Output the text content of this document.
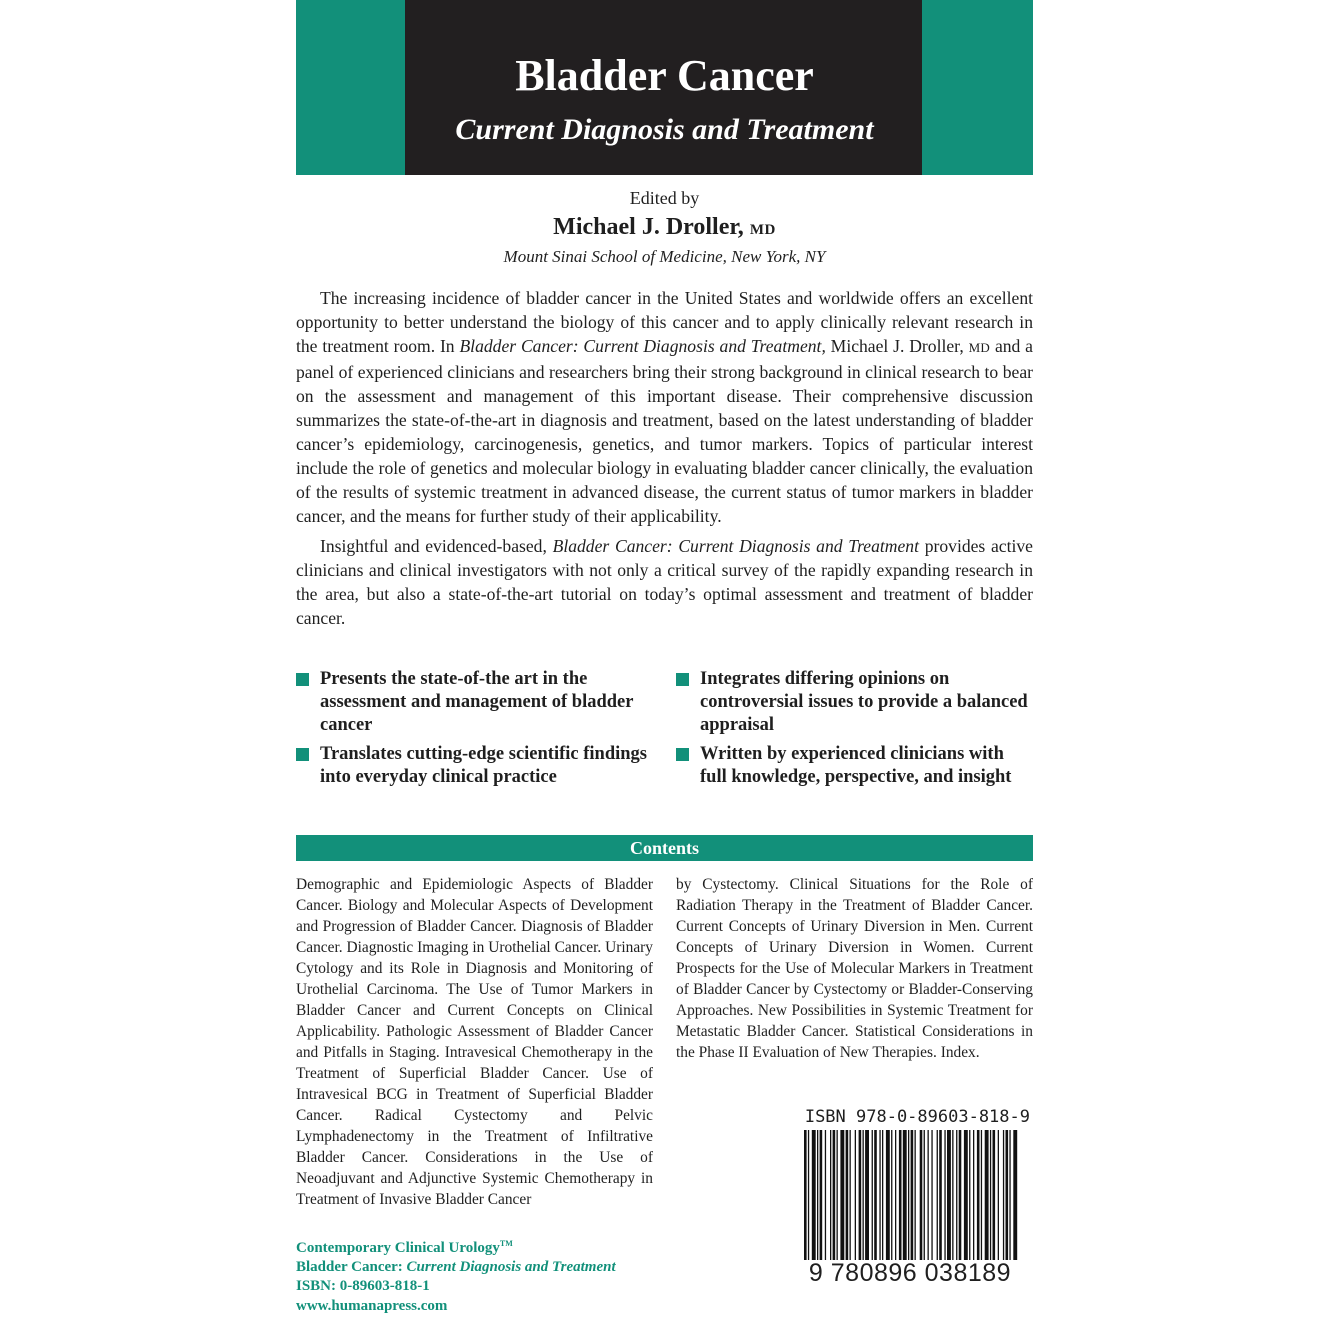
Bladder Cancer
Current Diagnosis and Treatment
Edited by
Michael J. Droller, MD
Mount Sinai School of Medicine, New York, NY

The increasing incidence of bladder cancer in the United States and worldwide offers an excellent opportunity to better understand the biology of this cancer and to apply clinically relevant research in the treatment room. In Bladder Cancer: Current Diagnosis and Treatment, Michael J. Droller, MD and a panel of experienced clinicians and researchers bring their strong background in clinical research to bear on the assessment and management of this important disease. Their comprehensive discussion summarizes the state-of-the-art in diagnosis and treatment, based on the latest understanding of bladder cancer’s epidemiology, carcinogenesis, genetics, and tumor markers. Topics of particular interest include the role of genetics and molecular biology in evaluating bladder cancer clinically, the evaluation of the results of systemic treatment in advanced disease, the current status of tumor markers in bladder cancer, and the means for further study of their applicability.

Insightful and evidenced-based, Bladder Cancer: Current Diagnosis and Treatment provides active clinicians and clinical investigators with not only a critical survey of the rapidly expanding research in the area, but also a state-of-the-art tutorial on today’s optimal assessment and treatment of bladder cancer.

Presents the state-of-the art in the assessment and management of bladder cancer
Integrates differing opinions on controversial issues to provide a balanced appraisal
Translates cutting-edge scientific findings into everyday clinical practice
Written by experienced clinicians with full knowledge, perspective, and insight
Contents
Demographic and Epidemiologic Aspects of Bladder Cancer. Biology and Molecular Aspects of Development and Progression of Bladder Cancer. Diagnosis of Bladder Cancer. Diagnostic Imaging in Urothelial Cancer. Urinary Cytology and its Role in Diagnosis and Monitoring of Urothelial Carcinoma. The Use of Tumor Markers in Bladder Cancer and Current Concepts on Clinical Applicability. Pathologic Assessment of Bladder Cancer and Pitfalls in Staging. Intravesical Chemotherapy in the Treatment of Superficial Bladder Cancer. Use of Intravesical BCG in Treatment of Superficial Bladder Cancer. Radical Cystectomy and Pelvic Lymphadenectomy in the Treatment of Infiltrative Bladder Cancer. Considerations in the Use of Neoadjuvant and Adjunctive Systemic Chemotherapy in Treatment of Invasive Bladder Cancer
by Cystectomy. Clinical Situations for the Role of Radiation Therapy in the Treatment of Bladder Cancer. Current Concepts of Urinary Diversion in Men. Current Concepts of Urinary Diversion in Women. Current Prospects for the Use of Molecular Markers in Treatment of Bladder Cancer by Cystectomy or Bladder-Conserving Approaches. New Possibilities in Systemic Treatment for Metastatic Bladder Cancer. Statistical Considerations in the Phase II Evaluation of New Therapies. Index.
ISBN 978-0-89603-818-9
9 780896 038189
Contemporary Clinical Urology™
Bladder Cancer: Current Diagnosis and Treatment
ISBN: 0-89603-818-1
www.humanapress.com
